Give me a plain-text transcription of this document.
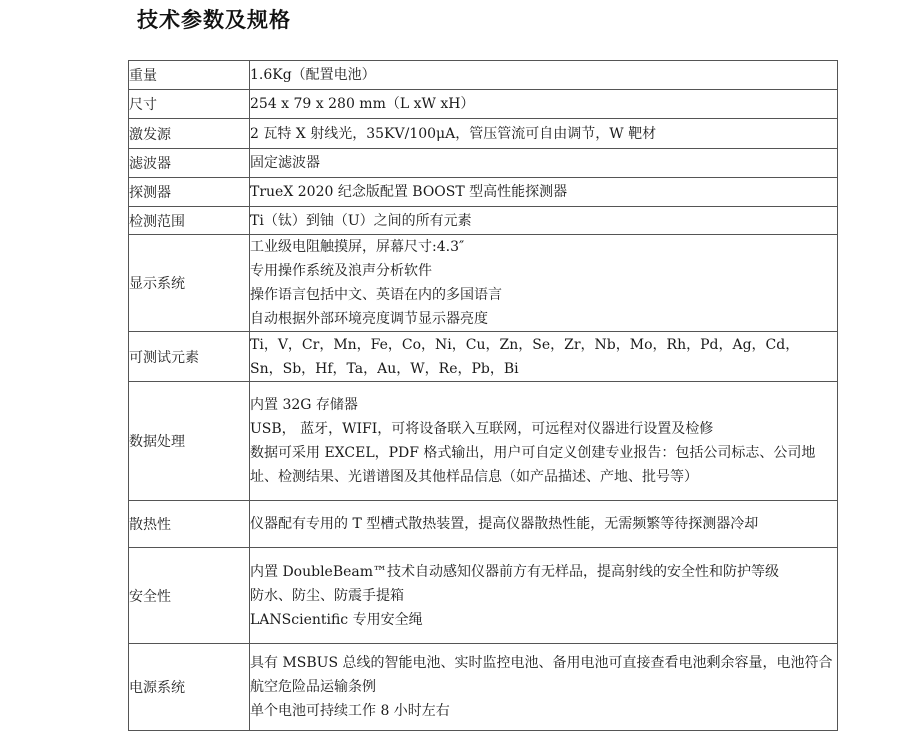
技术参数及规格
重量	1.6Kg（配置电池）

尺寸	254 x 79 x 280 mm（L xW xH）

激发源	2 瓦特 X 射线光，35KV/100μA，管压管流可自由调节，W 靶材

滤波器	固定滤波器

探测器	TrueX 2020 纪念版配置 BOOST 型高性能探测器

检测范围	Ti（钛）到铀（U）之间的所有元素

显示系统	工业级电阻触摸屏，屏幕尺寸:4.3″
专用操作系统及浪声分析软件
操作语言包括中文、英语在内的多国语言
自动根据外部环境亮度调节显示器亮度

可测试元素	Ti，V，Cr，Mn，Fe，Co，Ni，Cu，Zn，Se，Zr，Nb，Mo，Rh，Pd，Ag，Cd，
Sn，Sb，Hf，Ta，Au，W，Re，Pb，Bi

数据处理	内置 32G 存储器
USB， 蓝牙，WIFI，可将设备联入互联网，可远程对仪器进行设置及检修
数据可采用 EXCEL，PDF 格式输出，用户可自定义创建专业报告：包括公司标志、公司地址、检测结果、光谱谱图及其他样品信息（如产品描述、产地、批号等）

散热性	仪器配有专用的 T 型槽式散热装置，提高仪器散热性能，无需频繁等待探测器冷却

安全性	内置 DoubleBeam™技术自动感知仪器前方有无样品，提高射线的安全性和防护等级
防水、防尘、防震手提箱
LANScientific 专用安全绳

电源系统	具有 MSBUS 总线的智能电池、实时监控电池、备用电池可直接查看电池剩余容量，电池符合航空危险品运输条例
单个电池可持续工作 8 小时左右
